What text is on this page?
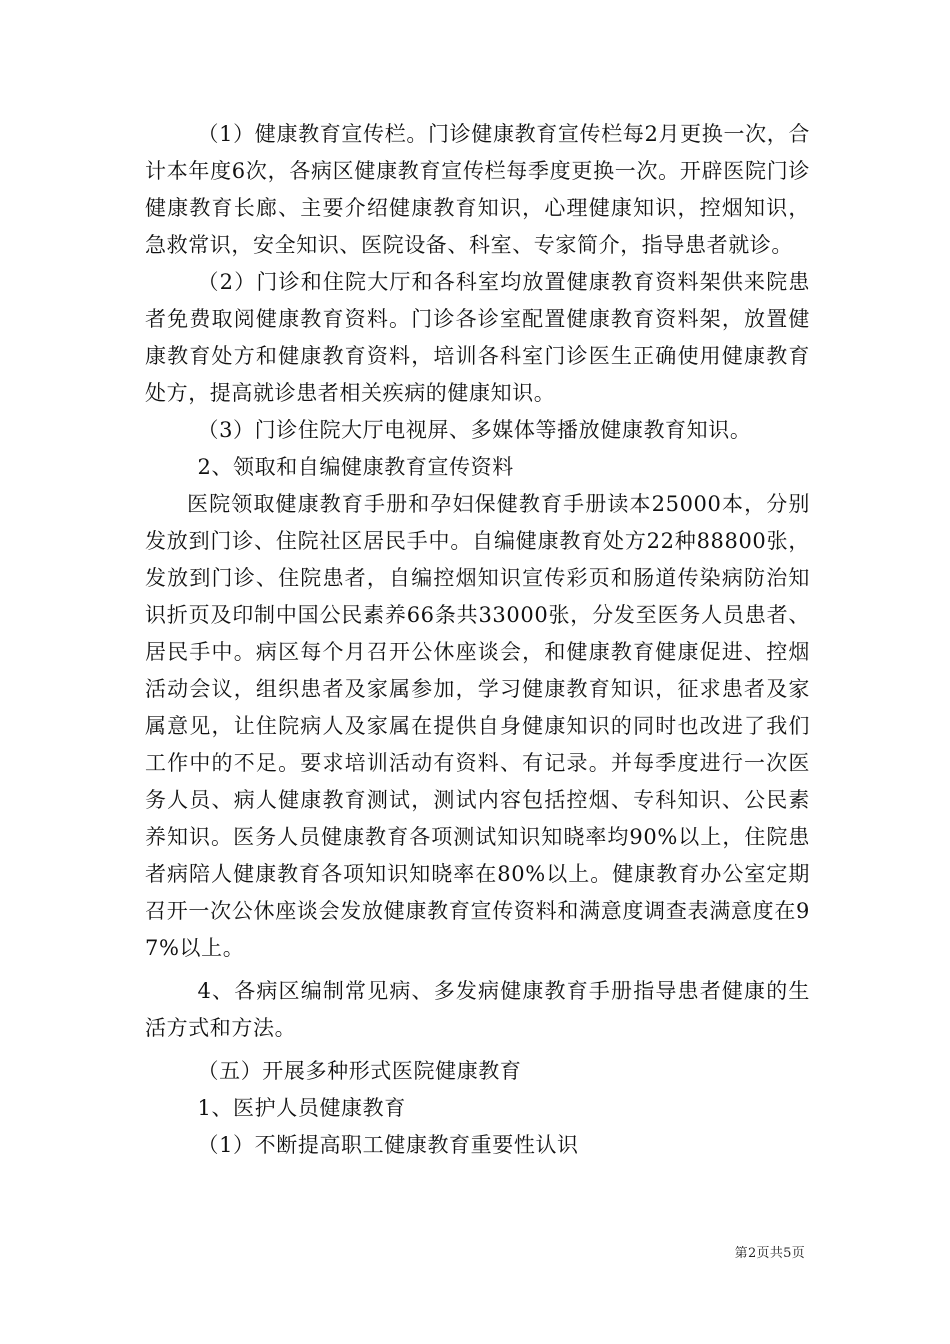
（1）健康教育宣传栏。门诊健康教育宣传栏每2月更换一次，合计本年度6次，各病区健康教育宣传栏每季度更换一次。开辟医院门诊健康教育长廊、主要介绍健康教育知识，心理健康知识，控烟知识，急救常识，安全知识、医院设备、科室、专家简介，指导患者就诊。

（2）门诊和住院大厅和各科室均放置健康教育资料架供来院患者免费取阅健康教育资料。门诊各诊室配置健康教育资料架，放置健康教育处方和健康教育资料，培训各科室门诊医生正确使用健康教育处方，提高就诊患者相关疾病的健康知识。

（3）门诊住院大厅电视屏、多媒体等播放健康教育知识。

2、领取和自编健康教育宣传资料

医院领取健康教育手册和孕妇保健教育手册读本25000本，分别发放到门诊、住院社区居民手中。自编健康教育处方22种88800张，发放到门诊、住院患者，自编控烟知识宣传彩页和肠道传染病防治知识折页及印制中国公民素养66条共33000张，分发至医务人员患者、居民手中。病区每个月召开公休座谈会，和健康教育健康促进、控烟活动会议，组织患者及家属参加，学习健康教育知识，征求患者及家属意见，让住院病人及家属在提供自身健康知识的同时也改进了我们工作中的不足。要求培训活动有资料、有记录。并每季度进行一次医务人员、病人健康教育测试，测试内容包括控烟、专科知识、公民素养知识。医务人员健康教育各项测试知识知晓率均90%以上，住院患者病陪人健康教育各项知识知晓率在80%以上。健康教育办公室定期召开一次公休座谈会发放健康教育宣传资料和满意度调查表满意度在97%以上。

4、各病区编制常见病、多发病健康教育手册指导患者健康的生活方式和方法。

（五）开展多种形式医院健康教育

1、医护人员健康教育

（1）不断提高职工健康教育重要性认识

第2页共5页
